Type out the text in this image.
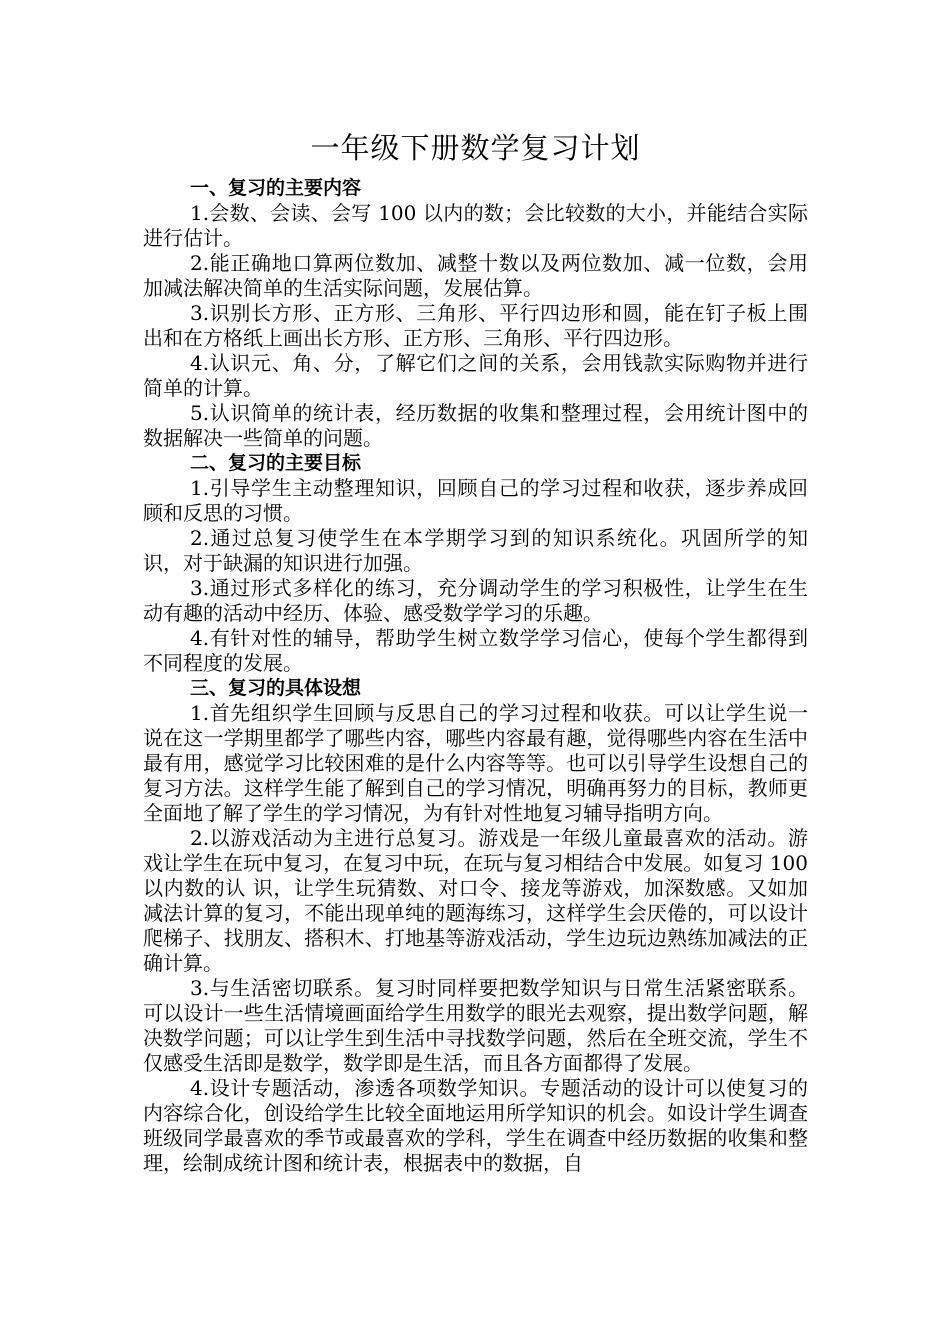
一年级下册数学复习计划
一、复习的主要内容

1.会数、会读、会写 100 以内的数；会比较数的大小，并能结合实际进行估计。

2.能正确地口算两位数加、减整十数以及两位数加、减一位数，会用加减法解决简单的生活实际问题，发展估算。

3.识别长方形、正方形、三角形、平行四边形和圆，能在钉子板上围出和在方格纸上画出长方形、正方形、三角形、平行四边形。

4.认识元、角、分，了解它们之间的关系，会用钱款实际购物并进行简单的计算。

5.认识简单的统计表，经历数据的收集和整理过程，会用统计图中的数据解决一些简单的问题。

二、复习的主要目标

1.引导学生主动整理知识，回顾自己的学习过程和收获，逐步养成回顾和反思的习惯。

2.通过总复习使学生在本学期学习到的知识系统化。巩固所学的知识，对于缺漏的知识进行加强。

3.通过形式多样化的练习，充分调动学生的学习积极性，让学生在生动有趣的活动中经历、体验、感受数学学习的乐趣。

4.有针对性的辅导，帮助学生树立数学学习信心，使每个学生都得到不同程度的发展。

三、复习的具体设想

1.首先组织学生回顾与反思自己的学习过程和收获。可以让学生说一说在这一学期里都学了哪些内容，哪些内容最有趣，觉得哪些内容在生活中最有用，感觉学习比较困难的是什么内容等等。也可以引导学生设想自己的复习方法。这样学生能了解到自己的学习情况，明确再努力的目标，教师更全面地了解了学生的学习情况，为有针对性地复习辅导指明方向。

2.以游戏活动为主进行总复习。游戏是一年级儿童最喜欢的活动。游戏让学生在玩中复习，在复习中玩，在玩与复习相结合中发展。如复习 100 以内数的认 识，让学生玩猜数、对口令、接龙等游戏，加深数感。又如加减法计算的复习，不能出现单纯的题海练习，这样学生会厌倦的，可以设计爬梯子、找朋友、搭积木、打地基等游戏活动，学生边玩边熟练加减法的正确计算。

3.与生活密切联系。复习时同样要把数学知识与日常生活紧密联系。可以设计一些生活情境画面给学生用数学的眼光去观察，提出数学问题，解决数学问题；可以让学生到生活中寻找数学问题，然后在全班交流，学生不仅感受生活即是数学，数学即是生活，而且各方面都得了发展。

4.设计专题活动，渗透各项数学知识。专题活动的设计可以使复习的内容综合化，创设给学生比较全面地运用所学知识的机会。如设计学生调查班级同学最喜欢的季节或最喜欢的学科，学生在调查中经历数据的收集和整理，绘制成统计图和统计表，根据表中的数据，自
